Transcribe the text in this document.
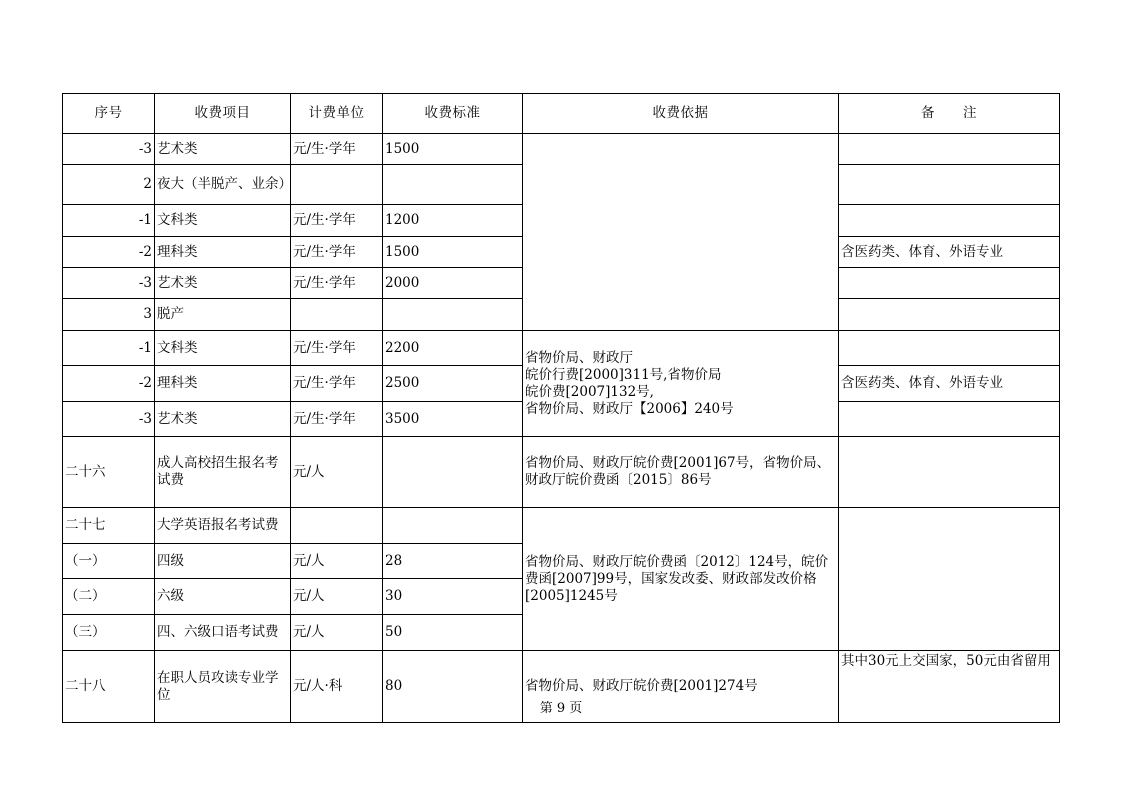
序号	收费项目	计费单位	收费标准	收费依据	备　　注
-3	艺术类	元/生·学年	1500		
2	夜大（半脱产、业余）				
-1	文科类	元/生·学年	1200		
-2	理科类	元/生·学年	1500		含医药类、体育、外语专业
-3	艺术类	元/生·学年	2000		
3	脱产				
-1	文科类	元/生·学年	2200	省物价局、财政厅
皖价行费[2000]311号,省物价局
皖价费[2007]132号,
省物价局、财政厅【2006】240号	

-2	理科类	元/生·学年	2500		含医药类、体育、外语专业
-3	艺术类	元/生·学年	3500		
二十六	成人高校招生报名考试费	元/人		省物价局、财政厅皖价费[2001]67号，省物价局、财政厅皖价费函〔2015〕86号	
二十七	大学英语报名考试费			省物价局、财政厅皖价费函〔2012〕124号，皖价费函[2007]99号，国家发改委、财政部发改价格[2005]1245号	
（一）	四级	元/人	28		
（二）	六级	元/人	30		
（三）	四、六级口语考试费	元/人	50		
二十八	在职人员攻读专业学位	元/人·科	80	省物价局、财政厅皖价费[2001]274号	其中30元上交国家，50元由省留用
第 9 页
